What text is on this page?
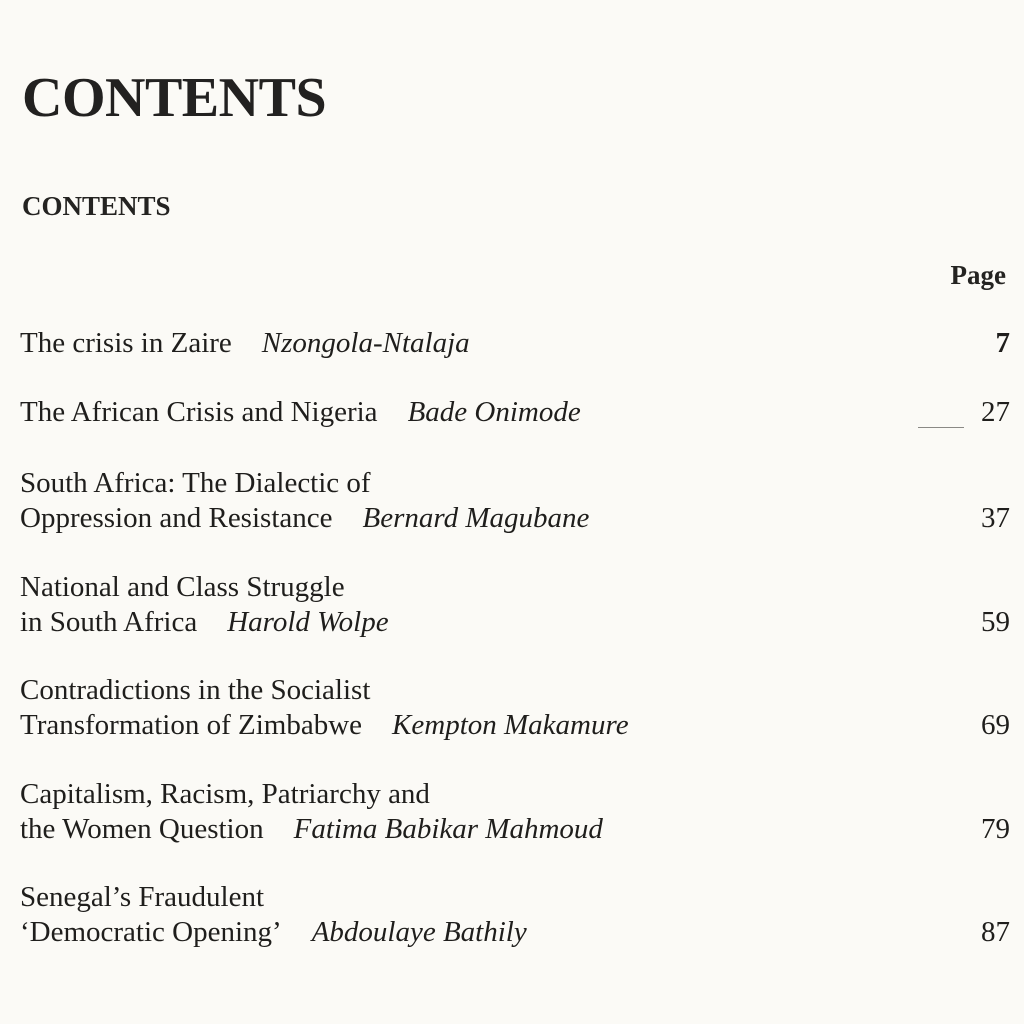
CONTENTS
CONTENTS
Page
The crisis in Zaire Nzongola-Ntalaja	7
The African Crisis and Nigeria Bade Onimode	27
South Africa: The Dialectic of
Oppression and Resistance Bernard Magubane	37
National and Class Struggle
in South Africa Harold Wolpe	59
Contradictions in the Socialist
Transformation of Zimbabwe Kempton Makamure	69
Capitalism, Racism, Patriarchy and
the Women Question Fatima Babikar Mahmoud	79
Senegal’s Fraudulent
‘Democratic Opening’ Abdoulaye Bathily	87
